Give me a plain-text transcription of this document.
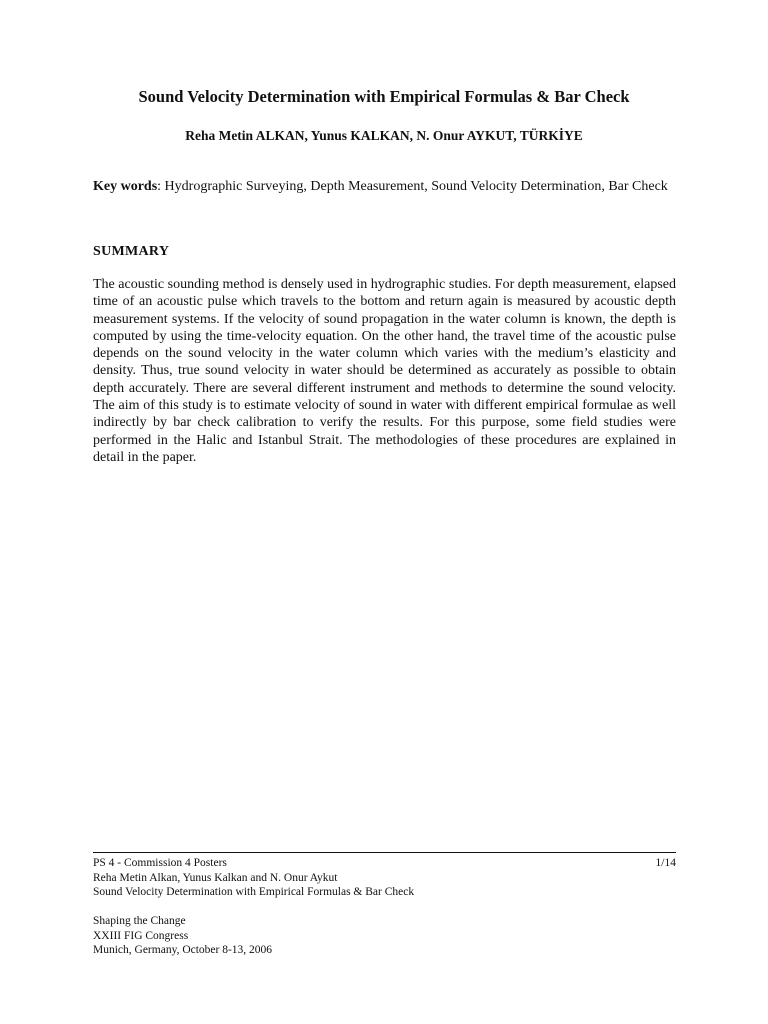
Sound Velocity Determination with Empirical Formulas & Bar Check

Reha Metin ALKAN, Yunus KALKAN, N. Onur AYKUT, TÜRKİYE

Key words: Hydrographic Surveying, Depth Measurement, Sound Velocity Determination, Bar Check

SUMMARY

The acoustic sounding method is densely used in hydrographic studies. For depth measurement, elapsed time of an acoustic pulse which travels to the bottom and return again is measured by acoustic depth measurement systems. If the velocity of sound propagation in the water column is known, the depth is computed by using the time-velocity equation. On the other hand, the travel time of the acoustic pulse depends on the sound velocity in the water column which varies with the medium’s elasticity and density. Thus, true sound velocity in water should be determined as accurately as possible to obtain depth accurately. There are several different instrument and methods to determine the sound velocity. The aim of this study is to estimate velocity of sound in water with different empirical formulae as well indirectly by bar check calibration to verify the results. For this purpose, some field studies were performed in the Halic and Istanbul Strait. The methodologies of these procedures are explained in detail in the paper.

PS 4 - Commission 4 Posters	1/14
Reha Metin Alkan, Yunus Kalkan and N. Onur Aykut
Sound Velocity Determination with Empirical Formulas & Bar Check
Shaping the Change
XXIII FIG Congress
Munich, Germany, October 8-13, 2006
